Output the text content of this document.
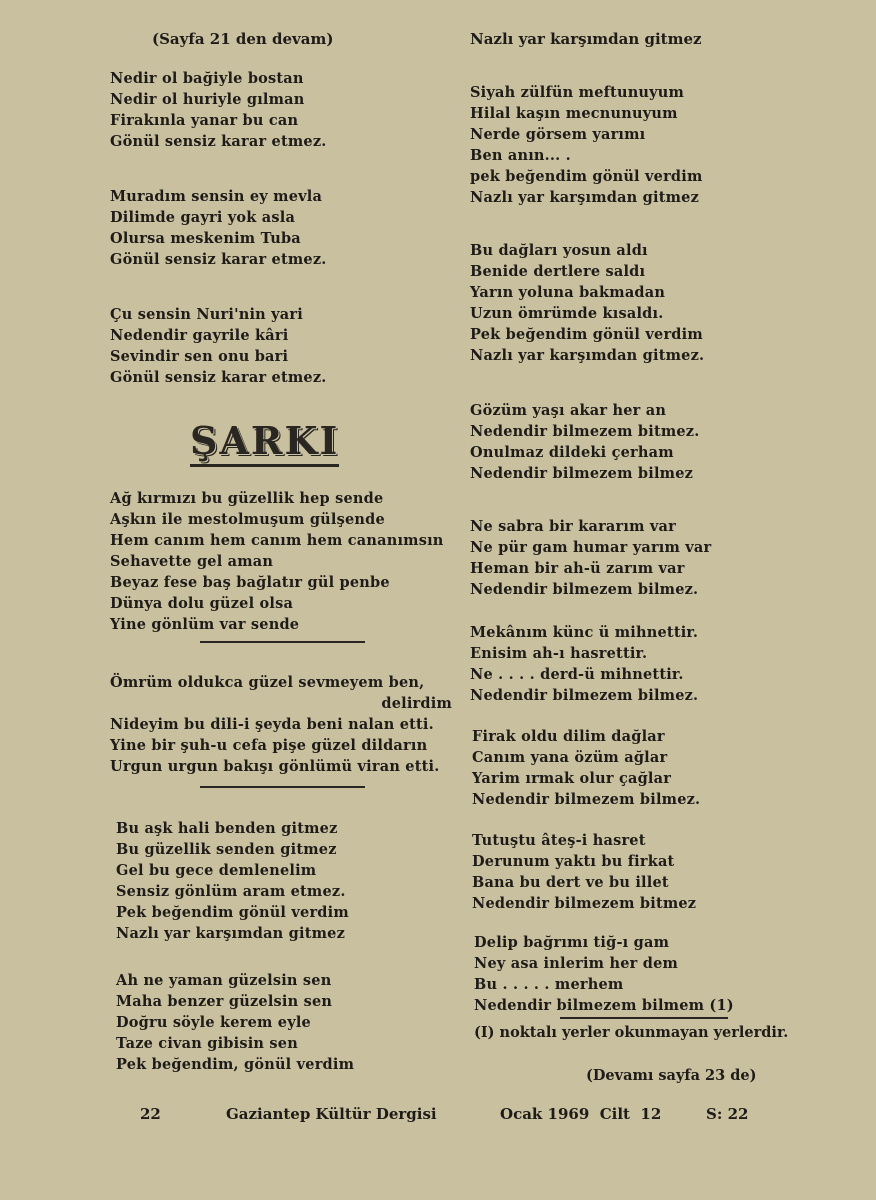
(Sayfa 21 den devam)
Nedir ol bağiyle bostan
Nedir ol huriyle gılman
Firakınla yanar bu can
Gönül sensiz karar etmez.
Muradım sensin ey mevla
Dilimde gayri yok asla
Olursa meskenim Tuba
Gönül sensiz karar etmez.
Çu sensin Nuri'nin yari
Nedendir gayrile kâri
Sevindir sen onu bari
Gönül sensiz karar etmez.
ŞARKI
Ağ kırmızı bu güzellik hep sende
Aşkın ile mestolmuşum gülşende
Hem canım hem canım hem cananımsın
Sehavette gel aman
Beyaz fese baş bağlatır gül penbe
Dünya dolu güzel olsa
Yine gönlüm var sende
Ömrüm oldukca güzel sevmeyem ben,
delirdim
Nideyim bu dili-i şeyda beni nalan etti.
Yine bir şuh-u cefa pişe güzel dildarın
Urgun urgun bakışı gönlümü viran etti.
Bu aşk hali benden gitmez
Bu güzellik senden gitmez
Gel bu gece demlenelim
Sensiz gönlüm aram etmez.
Pek beğendim gönül verdim
Nazlı yar karşımdan gitmez
Ah ne yaman güzelsin sen
Maha benzer güzelsin sen
Doğru söyle kerem eyle
Taze civan gibisin sen
Pek beğendim, gönül verdim
Nazlı yar karşımdan gitmez
Siyah zülfün meftunuyum
Hilal kaşın mecnunuyum
Nerde görsem yarımı
Ben anın... .
pek beğendim gönül verdim
Nazlı yar karşımdan gitmez
Bu dağları yosun aldı
Benide dertlere saldı
Yarın yoluna bakmadan
Uzun ömrümde kısaldı.
Pek beğendim gönül verdim
Nazlı yar karşımdan gitmez.
Gözüm yaşı akar her an
Nedendir bilmezem bitmez.
Onulmaz dildeki çerham
Nedendir bilmezem bilmez
Ne sabra bir kararım var
Ne pür gam humar yarım var
Heman bir ah-ü zarım var
Nedendir bilmezem bilmez.
Mekânım künc ü mihnettir.
Enisim ah-ı hasrettir.
Ne . . . . derd-ü mihnettir.
Nedendir bilmezem bilmez.
Firak oldu dilim dağlar
Canım yana özüm ağlar
Yarim ırmak olur çağlar
Nedendir bilmezem bilmez.
Tutuştu âteş-i hasret
Derunum yaktı bu firkat
Bana bu dert ve bu illet
Nedendir bilmezem bitmez
Delip bağrımı tiğ-ı gam
Ney asa inlerim her dem
Bu . . . . . merhem
Nedendir bilmezem bilmem (1)
(I) noktalı yerler okunmayan yerlerdir.
(Devamı sayfa 23 de)
22	Gaziantep Kültür Dergisi	Ocak 1969  Cilt  12	S: 22
